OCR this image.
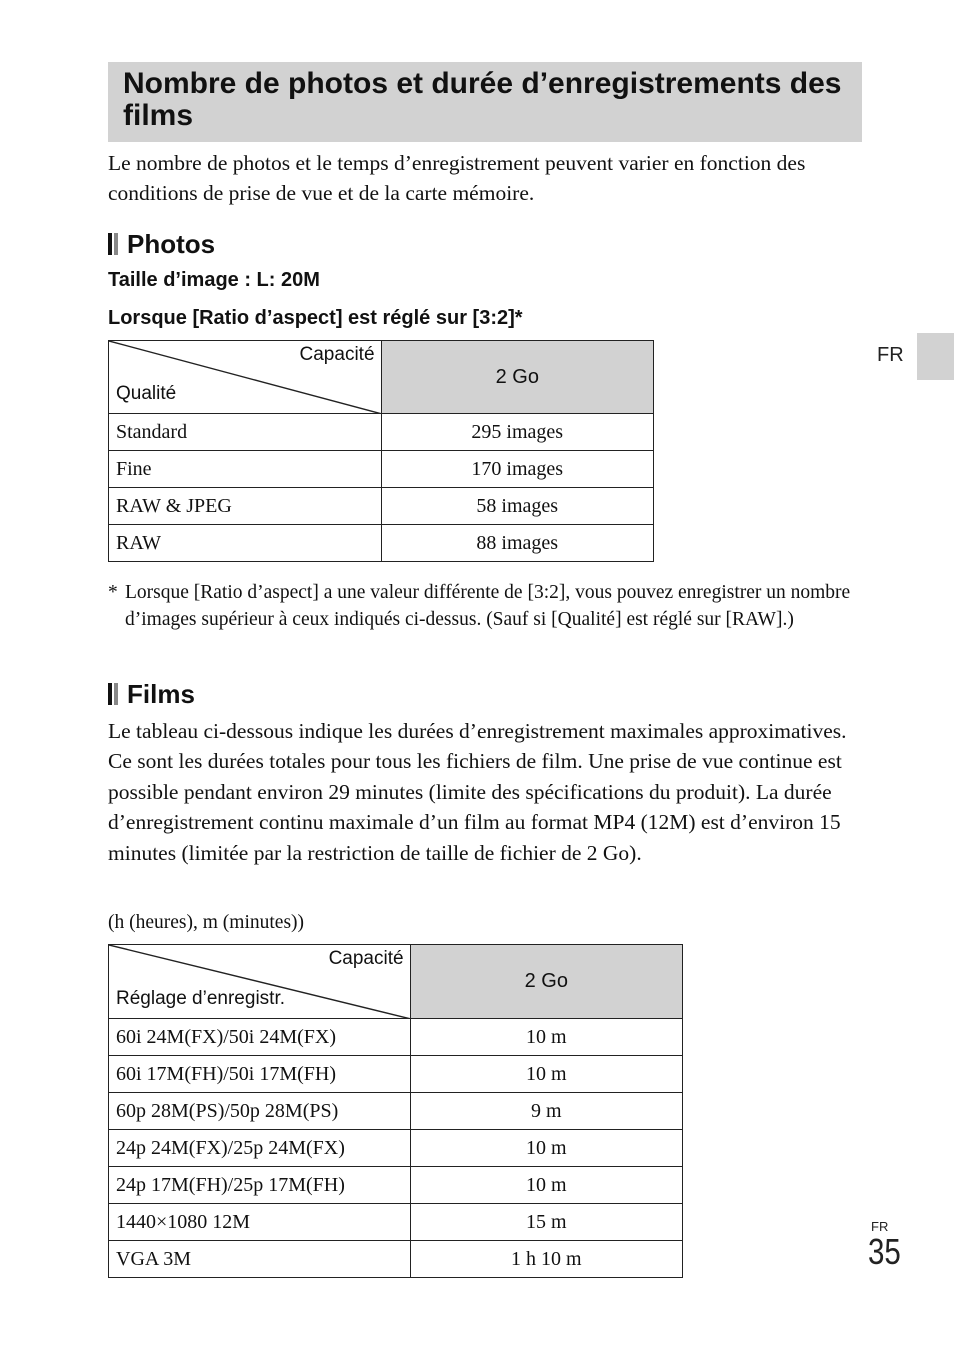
Nombre de photos et durée d’enregistrements des films

Le nombre de photos et le temps d’enregistrement peuvent varier en fonction des conditions de prise de vue et de la carte mémoire.

Photos

Taille d’image : L: 20M

Lorsque [Ratio d’aspect] est réglé sur [3:2]*

Capacité
Qualité	2 Go
Standard	295 images
Fine	170 images
RAW & JPEG	58 images
RAW	88 images

* Lorsque [Ratio d’aspect] a une valeur différente de [3:2], vous pouvez enregistrer un nombre d’images supérieur à ceux indiqués ci-dessus. (Sauf si [Qualité] est réglé sur [RAW].)

Films

Le tableau ci-dessous indique les durées d’enregistrement maximales approximatives. Ce sont les durées totales pour tous les fichiers de film. Une prise de vue continue est possible pendant environ 29 minutes (limite des spécifications du produit). La durée d’enregistrement continu maximale d’un film au format MP4 (12M) est d’environ 15 minutes (limitée par la restriction de taille de fichier de 2 Go).

(h (heures), m (minutes))

Capacité
Réglage d’enregistr.	2 Go
60i 24M(FX)/50i 24M(FX)	10 m
60i 17M(FH)/50i 17M(FH)	10 m
60p 28M(PS)/50p 28M(PS)	9 m
24p 24M(FX)/25p 24M(FX)	10 m
24p 17M(FH)/25p 17M(FH)	10 m
1440×1080 12M	15 m
VGA 3M	1 h 10 m
FR
FR
35
